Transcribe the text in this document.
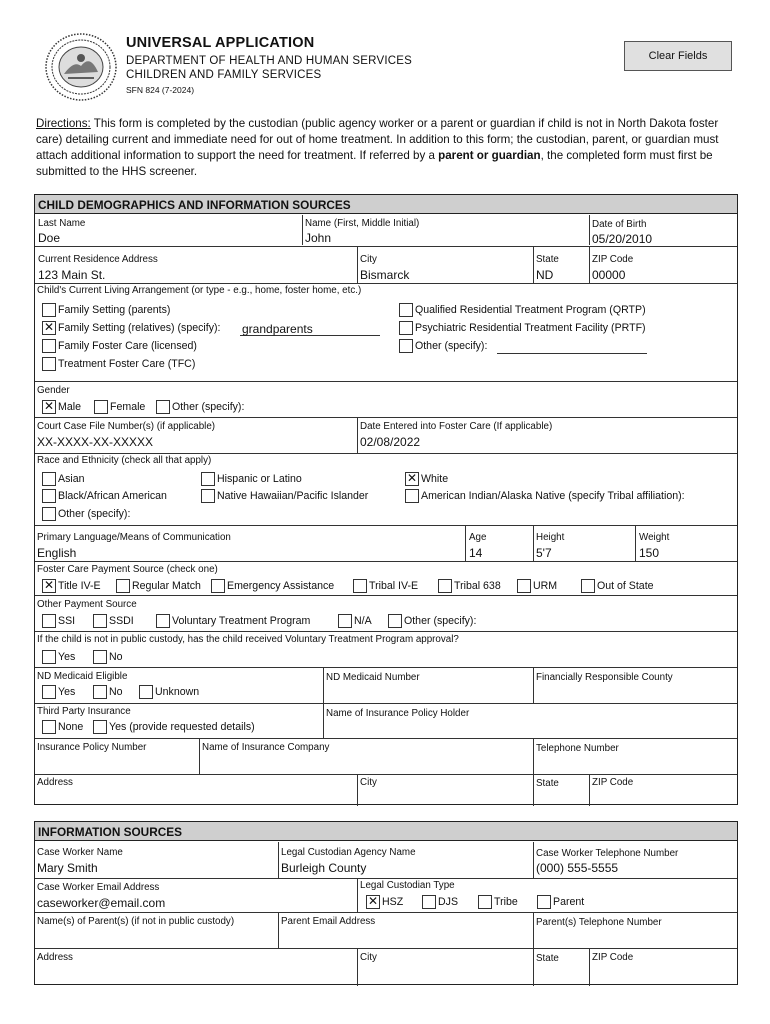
UNIVERSAL APPLICATION
DEPARTMENT OF HEALTH AND HUMAN SERVICES
CHILDREN AND FAMILY SERVICES
SFN 824 (7-2024)
Clear Fields
Directions: This form is completed by the custodian (public agency worker or a parent or guardian if child is not in North Dakota foster care) detailing current and immediate need for out of home treatment. In addition to this form; the custodian, parent, or guardian must attach additional information to support the need for treatment. If referred by a parent or guardian, the completed form must first be submitted to the HHS screener.
CHILD DEMOGRAPHICS AND INFORMATION SOURCES
Last Name
Doe
Name (First, Middle Initial)
John
Date of Birth
05/20/2010
Current Residence Address
123 Main St.
City
Bismarck
State
ND
ZIP Code
00000
Child's Current Living Arrangement (or type - e.g., home, foster home, etc.)
Family Setting (parents)
✕ Family Setting (relatives) (specify): grandparents
Family Foster Care (licensed)
Treatment Foster Care (TFC)
Qualified Residential Treatment Program (QRTP)
Psychiatric Residential Treatment Facility (PRTF)
Other (specify):
Gender
✕ Male	Female	Other (specify):
Court Case File Number(s) (if applicable)
XX-XXXX-XX-XXXXX
Date Entered into Foster Care (If applicable)
02/08/2022
Race and Ethnicity (check all that apply)
Asian	Hispanic or Latino	✕ White
Black/African American	Native Hawaiian/Pacific Islander	American Indian/Alaska Native (specify Tribal affiliation):
Other (specify):
Primary Language/Means of Communication
English
Age
14
Height
5'7
Weight
150
Foster Care Payment Source (check one)
✕ Title IV-E	Regular Match Emergency Assistance	Tribal IV-E	Tribal 638	URM	Out of State
Other Payment Source
SSI	SSDI	Voluntary Treatment Program	N/A	Other (specify):
If the child is not in public custody, has the child received Voluntary Treatment Program approval?
Yes	No
ND Medicaid Eligible
Yes	No	Unknown
ND Medicaid Number	Financially Responsible County
Third Party Insurance
None Yes (provide requested details)
Name of Insurance Policy Holder
Insurance Policy Number	Name of Insurance Company	Telephone Number
Address	City	State	ZIP Code
INFORMATION SOURCES
Case Worker Name
Mary Smith
Legal Custodian Agency Name
Burleigh County
Case Worker Telephone Number
(000) 555-5555
Case Worker Email Address
caseworker@email.com
Legal Custodian Type
✕ HSZ	DJS	Tribe	Parent
Name(s) of Parent(s) (if not in public custody)	Parent Email Address	Parent(s) Telephone Number
Address	City	State	ZIP Code
